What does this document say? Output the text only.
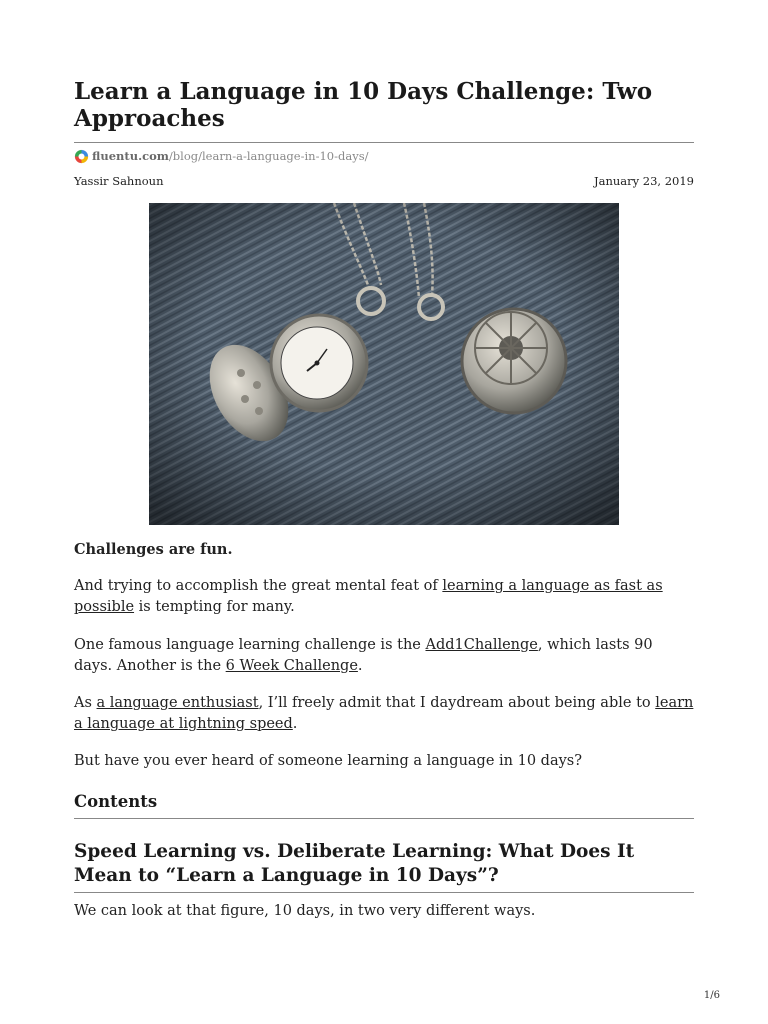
Learn a Language in 10 Days Challenge: Two Approaches
fluentu.com /blog/learn-a-language-in-10-days/
Yassir Sahnoun	January 23, 2019

Challenges are fun.

And trying to accomplish the great mental feat of learning a language as fast as possible is tempting for many.

One famous language learning challenge is the Add1Challenge, which lasts 90 days. Another is the 6 Week Challenge.

As a language enthusiast, I’ll freely admit that I daydream about being able to learn a language at lightning speed.

But have you ever heard of someone learning a language in 10 days?

Contents
Speed Learning vs. Deliberate Learning: What Does It Mean to “Learn a Language in 10 Days”?

We can look at that figure, 10 days, in two very different ways.

1/6
